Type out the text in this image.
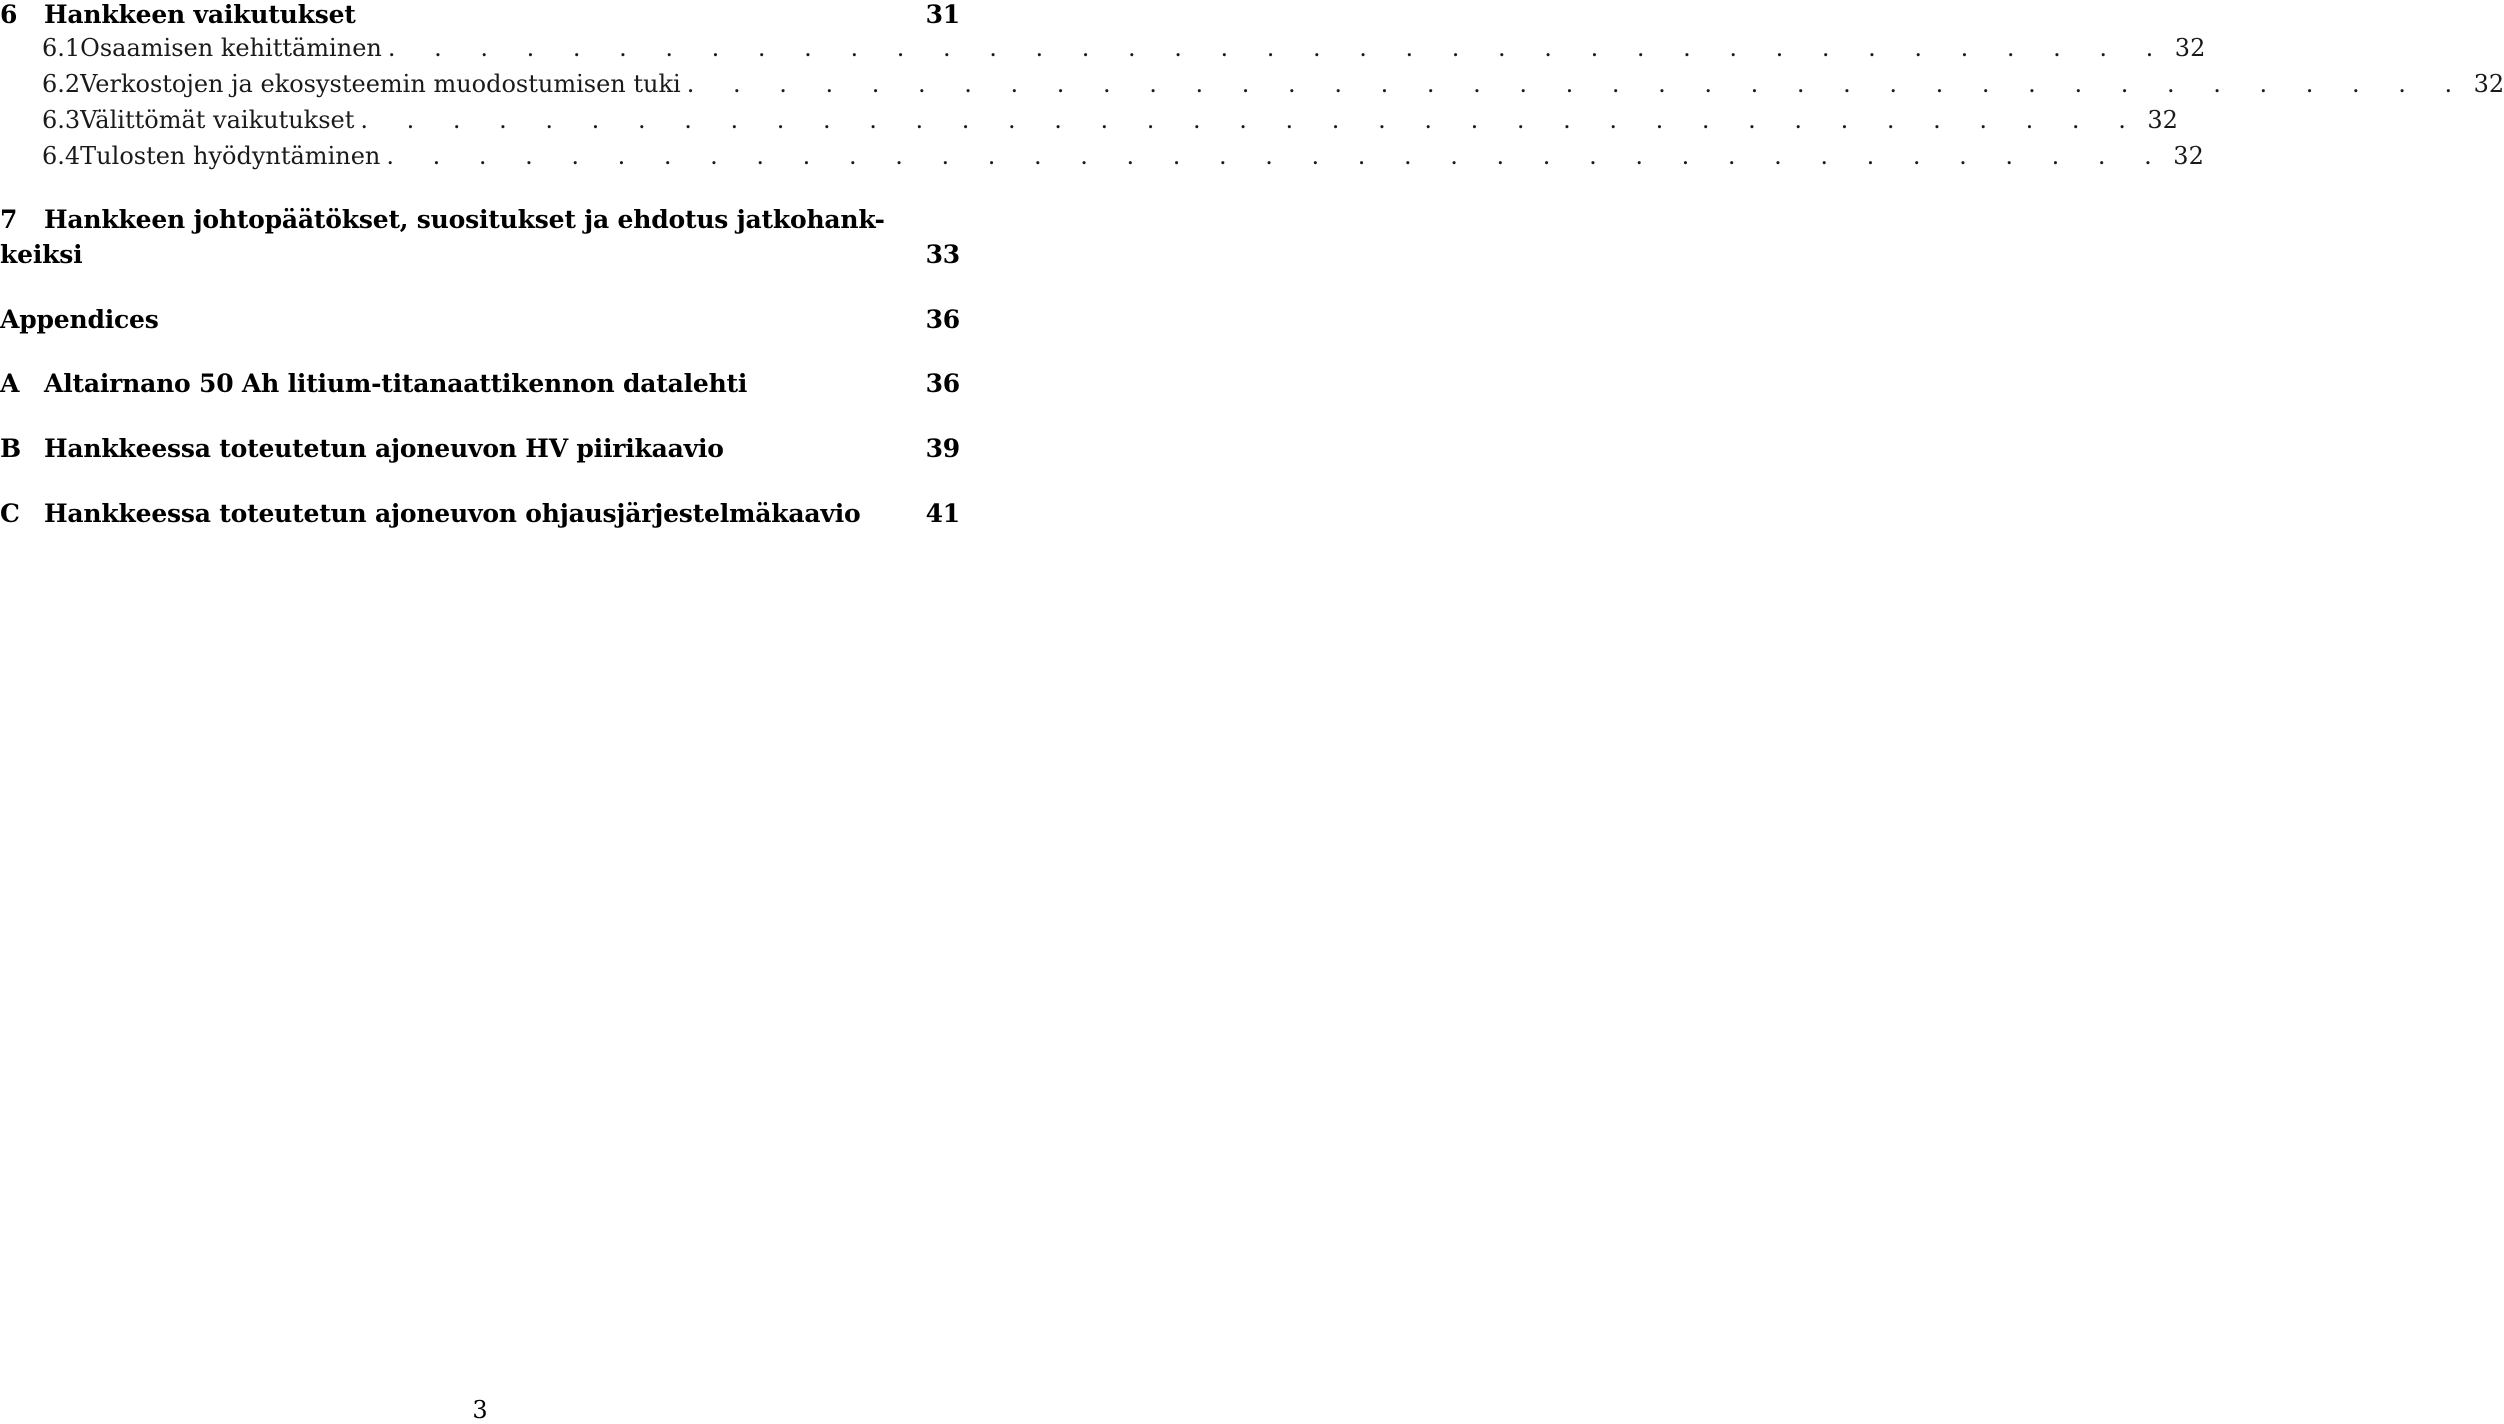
6	Hankkeen vaikutukset	31
6.1 Osaamisen kehittäminen . . . . . . . . . . . . . . . . . . . . . . . . . . . . . . . . . . . . . . . 32
6.2 Verkostojen ja ekosysteemin muodostumisen tuki . . . . . . . . . . . . . . . . . . . . . . . . . . . . . . . . . . . . . . . 32
6.3 Välittömät vaikutukset . . . . . . . . . . . . . . . . . . . . . . . . . . . . . . . . . . . . . . . 32
6.4 Tulosten hyödyntäminen . . . . . . . . . . . . . . . . . . . . . . . . . . . . . . . . . . . . . . . 32
7	Hankkeen johtopäätökset, suositukset ja ehdotus jatkohank-
keiksi	33
Appendices	36
A Altairnano 50 Ah litium-titanaattikennon datalehti	36
B Hankkeessa toteutetun ajoneuvon HV piirikaavio	39
C Hankkeessa toteutetun ajoneuvon ohjausjärjestelmäkaavio	41
3
